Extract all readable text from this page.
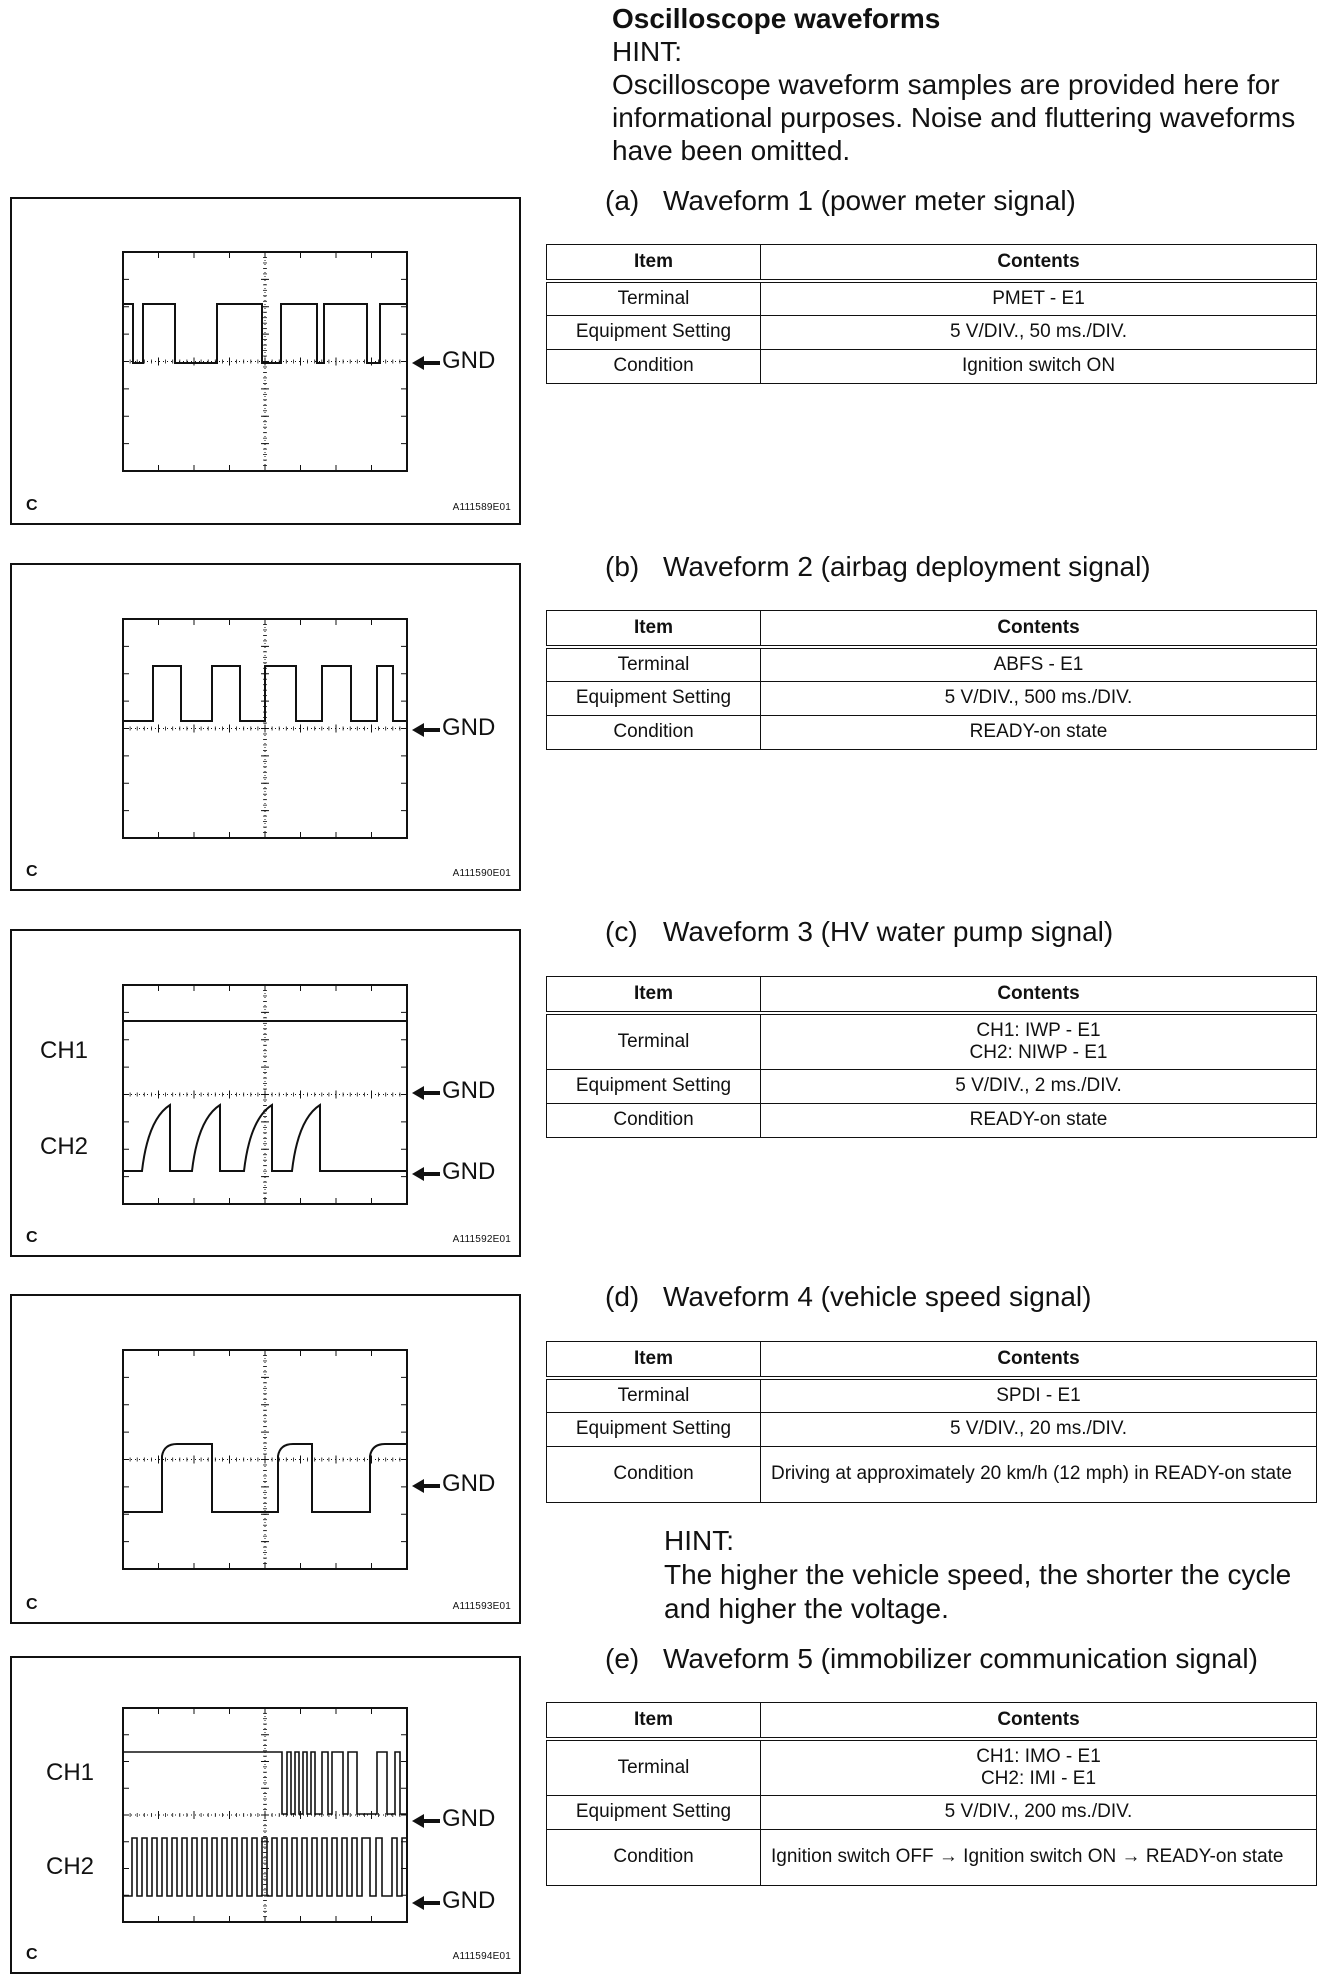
Oscilloscope waveforms
HINT:
Oscilloscope waveform samples are provided here for informational purposes. Noise and fluttering waveforms have been omitted.
(a) Waveform 1 (power meter signal)
GND
C	A111589E01
Item	Contents
Terminal	PMET - E1
Equipment Setting	5 V/DIV., 50 ms./DIV.
Condition	Ignition switch ON
(b) Waveform 2 (airbag deployment signal)
GND
C	A111590E01
Item	Contents
Terminal	ABFS - E1
Equipment Setting	5 V/DIV., 500 ms./DIV.
Condition	READY-on state
(c) Waveform 3 (HV water pump signal)
CH1
CH2
GND
GND
C	A111592E01
Item	Contents
Terminal	CH1: IWP - E1
CH2: NIWP - E1

Equipment Setting	5 V/DIV., 2 ms./DIV.
Condition	READY-on state
(d) Waveform 4 (vehicle speed signal)
GND
C	A111593E01
Item	Contents
Terminal	SPDI - E1
Equipment Setting	5 V/DIV., 20 ms./DIV.
Condition	Driving at approximately 20 km/h (12 mph) in READY-on state
HINT:
The higher the vehicle speed, the shorter the cycle and higher the voltage.
(e) Waveform 5 (immobilizer communication signal)
CH1
CH2
GND
GND
C	A111594E01
Item	Contents
Terminal	CH1: IMO - E1
CH2: IMI - E1

Equipment Setting	5 V/DIV., 200 ms./DIV.
Condition	Ignition switch OFF → Ignition switch ON → READY-on state
